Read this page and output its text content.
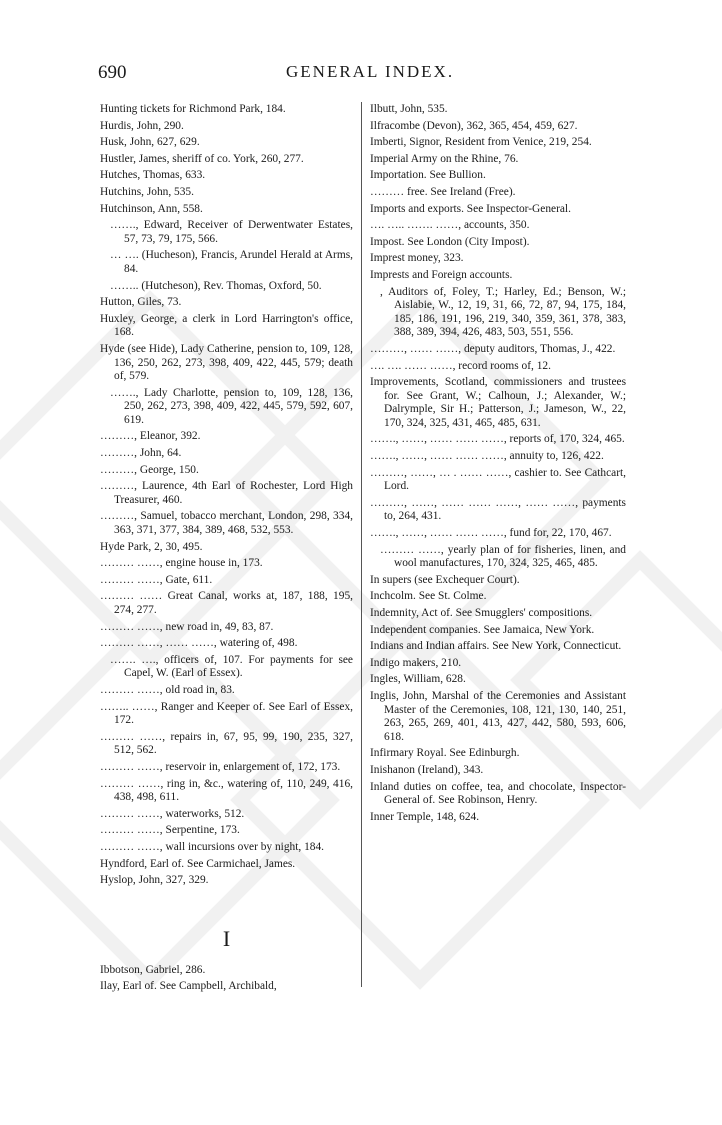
690	GENERAL INDEX.

Hunting tickets for Richmond Park, 184.

Hurdis, John, 290.

Husk, John, 627, 629.

Hustler, James, sheriff of co. York, 260, 277.

Hutches, Thomas, 633.

Hutchins, John, 535.

Hutchinson, Ann, 558.

……., Edward, Receiver of Derwentwater Estates, 57, 73, 79, 175, 566.

… …. (Hucheson), Francis, Arundel Herald at Arms, 84.

…….. (Hutcheson), Rev. Thomas, Oxford, 50.

Hutton, Giles, 73.

Huxley, George, a clerk in Lord Harrington's office, 168.

Hyde (see Hide), Lady Catherine, pension to, 109, 128, 136, 250, 262, 273, 398, 409, 422, 445, 579; death of, 579.

……., Lady Charlotte, pension to, 109, 128, 136, 250, 262, 273, 398, 409, 422, 445, 579, 592, 607, 619.

………, Eleanor, 392.

………, John, 64.

………, George, 150.

………, Laurence, 4th Earl of Rochester, Lord High Treasurer, 460.

………, Samuel, tobacco merchant, London, 298, 334, 363, 371, 377, 384, 389, 468, 532, 553.

Hyde Park, 2, 30, 495.

……… ……, engine house in, 173.

……… ……, Gate, 611.

……… …… Great Canal, works at, 187, 188, 195, 274, 277.

……… ……, new road in, 49, 83, 87.

……… ……, …… ……, watering of, 498.

……. …., officers of, 107. For payments for see Capel, W. (Earl of Essex).

……… ……, old road in, 83.

…….. ……, Ranger and Keeper of. See Earl of Essex, 172.

……… ……, repairs in, 67, 95, 99, 190, 235, 327, 512, 562.

……… ……, reservoir in, enlargement of, 172, 173.

……… ……, ring in, &c., watering of, 110, 249, 416, 438, 498, 611.

……… ……, waterworks, 512.

……… ……, Serpentine, 173.

……… ……, wall incursions over by night, 184.

Hyndford, Earl of. See Carmichael, James.

Hyslop, John, 327, 329.

I

Ibbotson, Gabriel, 286.

Ilay, Earl of. See Campbell, Archibald,

Ilbutt, John, 535.

Ilfracombe (Devon), 362, 365, 454, 459, 627.

Imberti, Signor, Resident from Venice, 219, 254.

Imperial Army on the Rhine, 76.

Importation. See Bullion.

……… free. See Ireland (Free).

Imports and exports. See Inspector-General.

…. ….. ……. ……, accounts, 350.

Impost. See London (City Impost).

Imprest money, 323.

Imprests and Foreign accounts.

, Auditors of, Foley, T.; Harley, Ed.; Benson, W.; Aislabie, W., 12, 19, 31, 66, 72, 87, 94, 175, 184, 185, 186, 191, 196, 219, 340, 359, 361, 378, 383, 388, 389, 394, 426, 483, 503, 551, 556.

………, …… ……, deputy auditors, Thomas, J., 422.

…. …. …… ……, record rooms of, 12.

Improvements, Scotland, commissioners and trustees for. See Grant, W.; Calhoun, J.; Alexander, W.; Dalrymple, Sir H.; Patterson, J.; Jameson, W., 22, 170, 324, 325, 431, 465, 485, 631.

……., ……, …… …… ……, reports of, 170, 324, 465.

……., ……, …… …… ……, annuity to, 126, 422.

………, ……, … . …… ……, cashier to. See Cathcart, Lord.

………, ……, …… …… ……, …… ……, payments to, 264, 431.

……., ……, …… …… ……, fund for, 22, 170, 467.

……… ……, yearly plan of for fisheries, linen, and wool manufactures, 170, 324, 325, 465, 485.

In supers (see Exchequer Court).

Inchcolm. See St. Colme.

Indemnity, Act of. See Smugglers' compositions.

Independent companies. See Jamaica, New York.

Indians and Indian affairs. See New York, Connecticut.

Indigo makers, 210.

Ingles, William, 628.

Inglis, John, Marshal of the Ceremonies and Assistant Master of the Ceremonies, 108, 121, 130, 140, 251, 263, 265, 269, 401, 413, 427, 442, 580, 593, 606, 618.

Infirmary Royal. See Edinburgh.

Inishanon (Ireland), 343.

Inland duties on coffee, tea, and chocolate, Inspector-General of. See Robinson, Henry.

Inner Temple, 148, 624.
